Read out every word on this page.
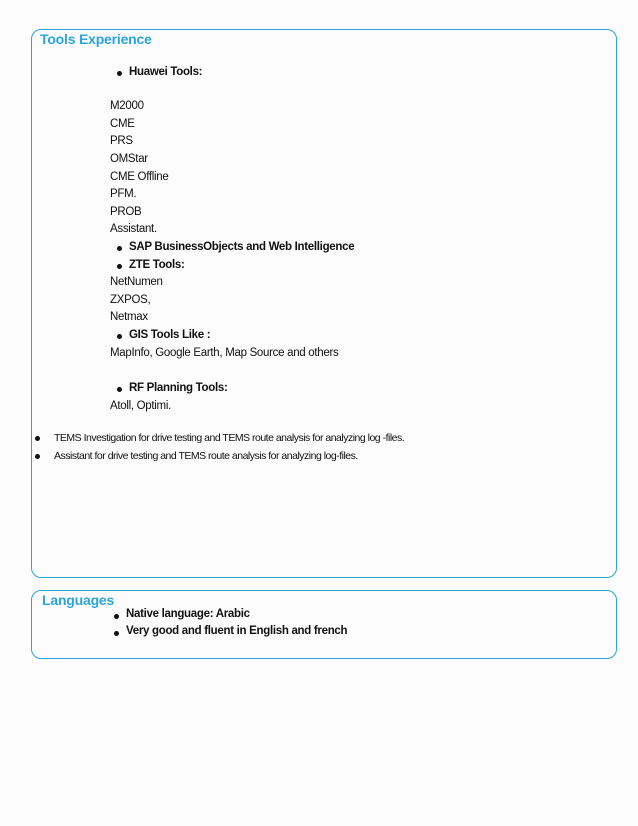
Tools Experience
Huawei Tools:
M2000
CME
PRS
OMStar
CME Offline
PFM.
PROB
Assistant.
SAP BusinessObjects and Web Intelligence
ZTE Tools:
NetNumen
ZXPOS,
Netmax
GIS Tools Like :
MapInfo, Google Earth, Map Source and others
RF Planning Tools:
Atoll, Optimi.
TEMS Investigation for drive testing and TEMS route analysis for analyzing log -files.
Assistant for drive testing and TEMS route analysis for analyzing log-files.
Languages
Native language: Arabic
Very good and fluent in English and french
